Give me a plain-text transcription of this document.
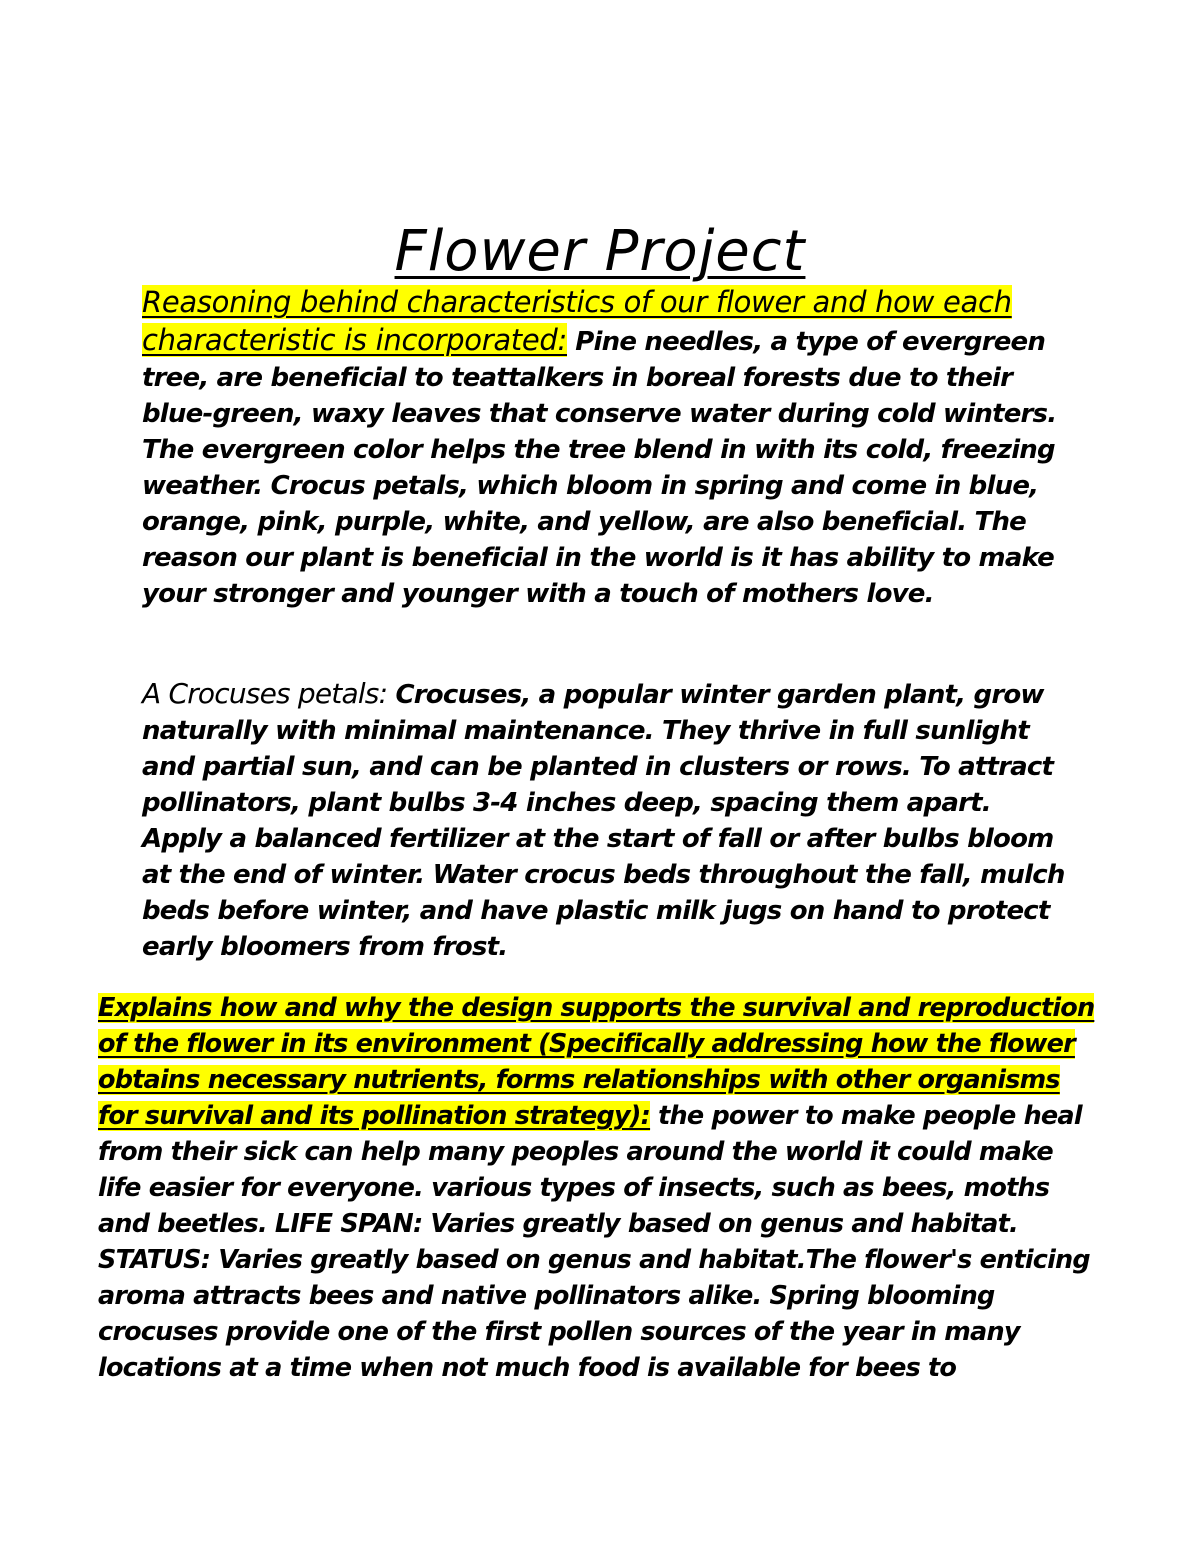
Flower Project

Reasoning behind characteristics of our flower and how each characteristic is incorporated: Pine needles, a type of evergreen tree, are beneficial to teattalkers in boreal forests due to their blue-green, waxy leaves that conserve water during cold winters. The evergreen color helps the tree blend in with its cold, freezing weather. Crocus petals, which bloom in spring and come in blue, orange, pink, purple, white, and yellow, are also beneficial. The reason our plant is beneficial in the world is it has ability to make your stronger and younger with a touch of mothers love.

A Crocuses petals: Crocuses, a popular winter garden plant, grow naturally with minimal maintenance. They thrive in full sunlight and partial sun, and can be planted in clusters or rows. To attract pollinators, plant bulbs 3-4 inches deep, spacing them apart. Apply a balanced fertilizer at the start of fall or after bulbs bloom at the end of winter. Water crocus beds throughout the fall, mulch beds before winter, and have plastic milk jugs on hand to protect early bloomers from frost.

Explains how and why the design supports the survival and reproduction of the flower in its environment (Specifically addressing how the flower obtains necessary nutrients, forms relationships with other organisms for survival and its pollination strategy): the power to make people heal from their sick can help many peoples around the world it could make life easier for everyone. various types of insects, such as bees, moths and beetles. LIFE SPAN: Varies greatly based on genus and habitat. STATUS: Varies greatly based on genus and habitat.The flower's enticing aroma attracts bees and native pollinators alike. Spring blooming crocuses provide one of the first pollen sources of the year in many locations at a time when not much food is available for bees to
